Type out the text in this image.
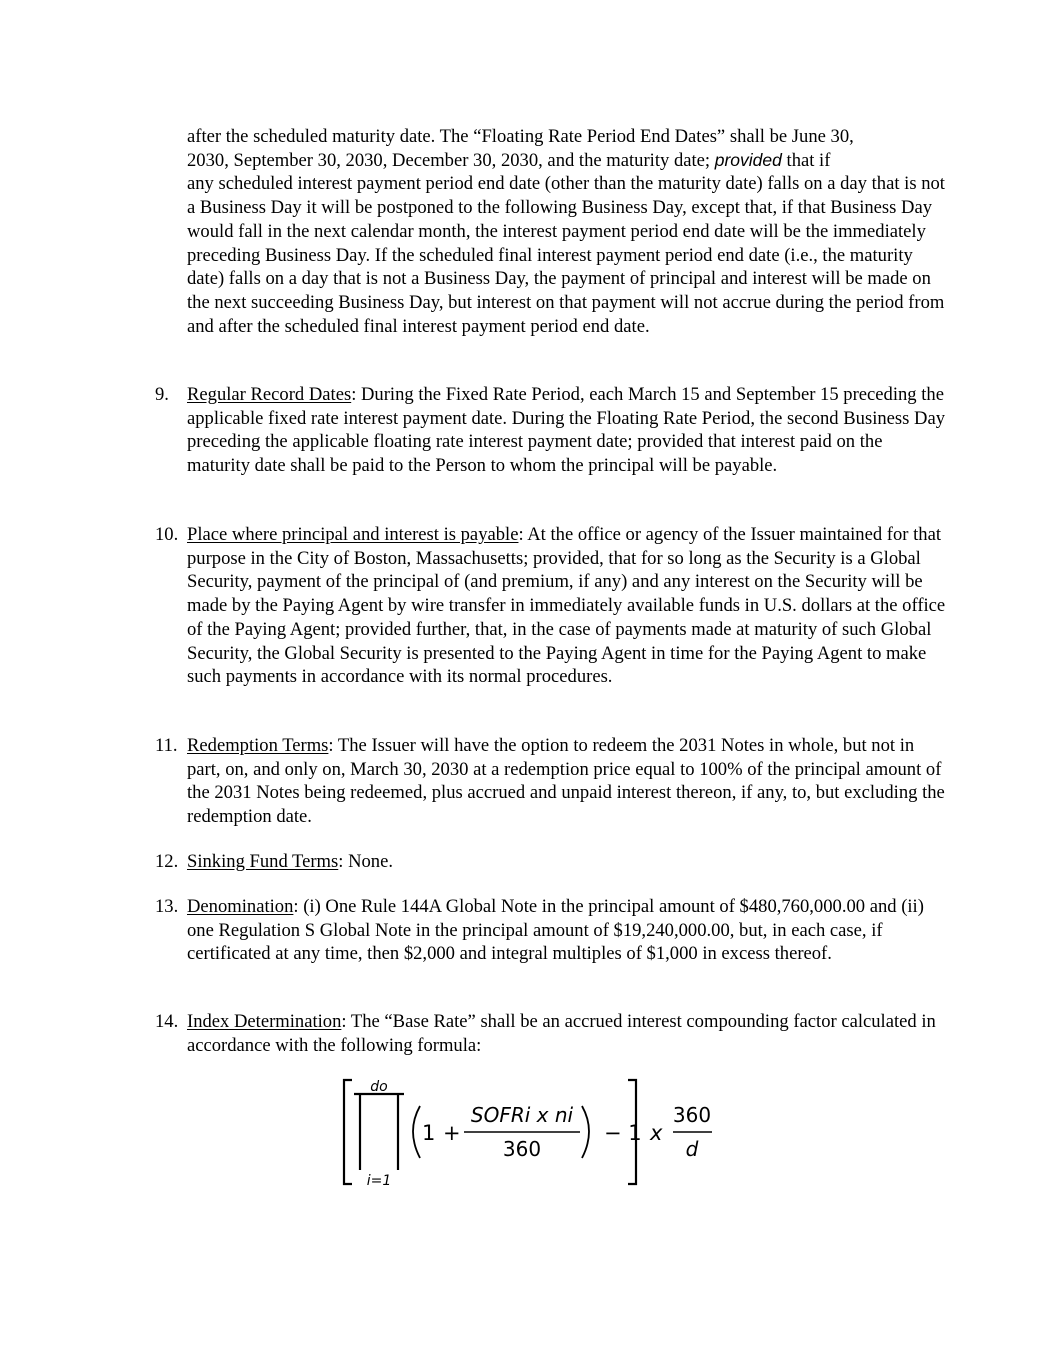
after the scheduled maturity date. The “Floating Rate Period End Dates” shall be June 30,
2030, September 30, 2030, December 30, 2030, and the maturity date; provided that if
any scheduled interest payment period end date (other than the maturity date) falls on a day that is not a Business Day it will be postponed to the following Business Day, except that, if that Business Day would fall in the next calendar month, the interest payment period end date will be the immediately preceding Business Day. If the scheduled final interest payment period end date (i.e., the maturity date) falls on a day that is not a Business Day, the payment of principal and interest will be made on the next succeeding Business Day, but interest on that payment will not accrue during the period from and after the scheduled final interest payment period end date.
9. Regular Record Dates: During the Fixed Rate Period, each March 15 and September 15 preceding the applicable fixed rate interest payment date. During the Floating Rate Period, the second Business Day preceding the applicable floating rate interest payment date; provided that interest paid on the maturity date shall be paid to the Person to whom the principal will be payable.
10. Place where principal and interest is payable: At the office or agency of the Issuer maintained for that purpose in the City of Boston, Massachusetts; provided, that for so long as the Security is a Global Security, payment of the principal of (and premium, if any) and any interest on the Security will be made by the Paying Agent by wire transfer in immediately available funds in U.S. dollars at the office of the Paying Agent; provided further, that, in the case of payments made at maturity of such Global Security, the Global Security is presented to the Paying Agent in time for the Paying Agent to make such payments in accordance with its normal procedures.
11. Redemption Terms: The Issuer will have the option to redeem the 2031 Notes in whole, but not in part, on, and only on, March 30, 2030 at a redemption price equal to 100% of the principal amount of the 2031 Notes being redeemed, plus accrued and unpaid interest thereon, if any, to, but excluding the redemption date.
12. Sinking Fund Terms: None.
13. Denomination: (i) One Rule 144A Global Note in the principal amount of $480,760,000.00 and (ii) one Regulation S Global Note in the principal amount of $19,240,000.00, but, in each case, if certificated at any time, then $2,000 and integral multiples of $1,000 in excess thereof.
14. Index Determination: The “Base Rate” shall be an accrued interest compounding factor calculated in accordance with the following formula:
do
i=1
1 +
SOFRi x ni
360
− 1 x
360
d
